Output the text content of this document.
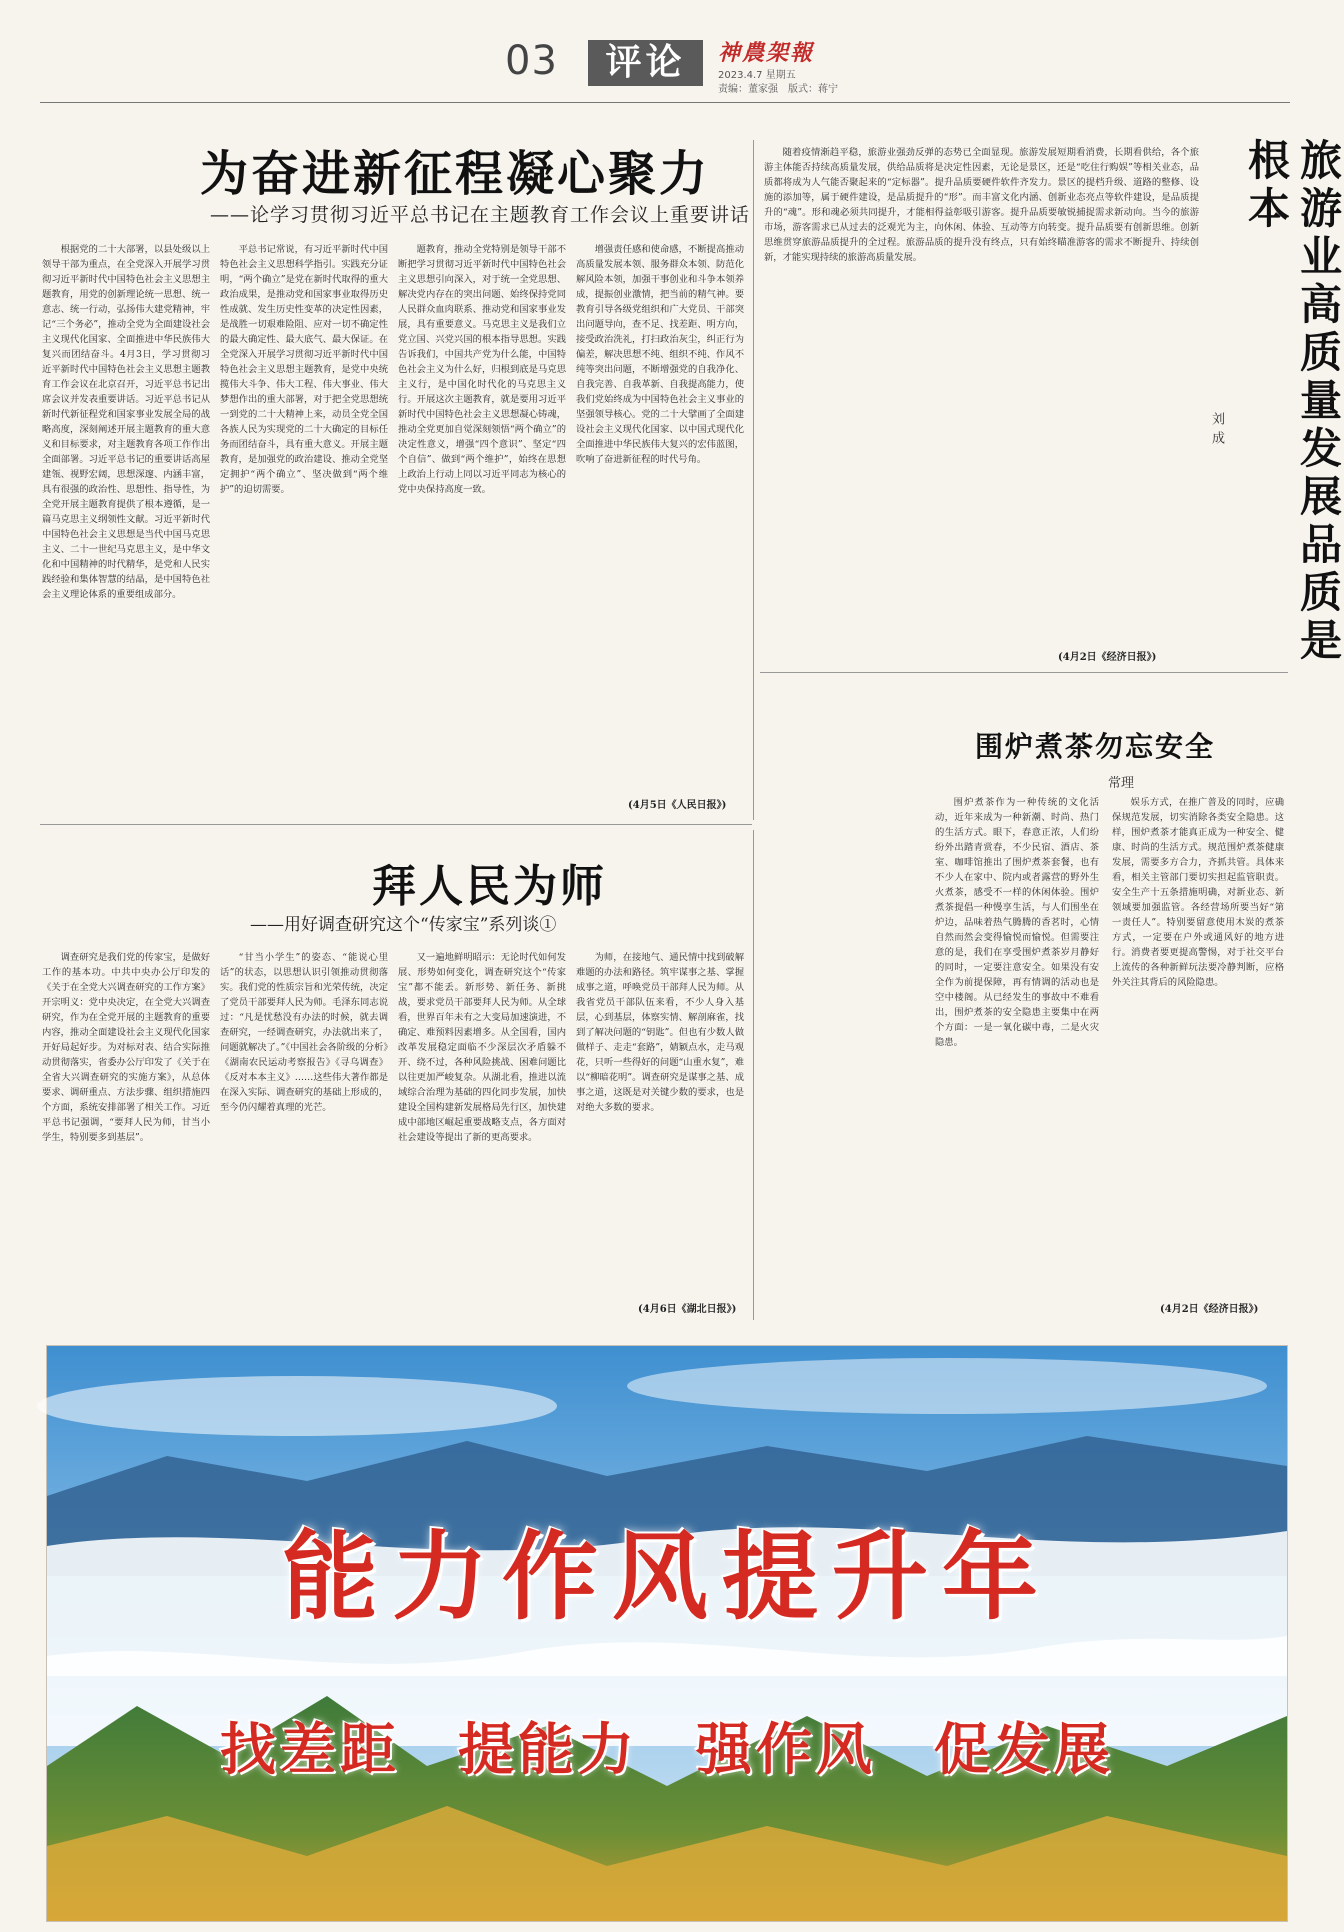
03	评论	神農架報
2023.4.7 星期五
责编：董家强　版式：蒋宁
为奋进新征程凝心聚力
——论学习贯彻习近平总书记在主题教育工作会议上重要讲话

根据党的二十大部署，以县处级以上领导干部为重点，在全党深入开展学习贯彻习近平新时代中国特色社会主义思想主题教育，用党的创新理论统一思想、统一意志、统一行动，弘扬伟大建党精神，牢记“三个务必”，推动全党为全面建设社会主义现代化国家、全面推进中华民族伟大复兴而团结奋斗。4月3日，学习贯彻习近平新时代中国特色社会主义思想主题教育工作会议在北京召开，习近平总书记出席会议并发表重要讲话。习近平总书记从新时代新征程党和国家事业发展全局的战略高度，深刻阐述开展主题教育的重大意义和目标要求，对主题教育各项工作作出全面部署。习近平总书记的重要讲话高屋建瓴、视野宏阔，思想深邃、内涵丰富，具有很强的政治性、思想性、指导性，为全党开展主题教育提供了根本遵循，是一篇马克思主义纲领性文献。习近平新时代中国特色社会主义思想是当代中国马克思主义、二十一世纪马克思主义，是中华文化和中国精神的时代精华，是党和人民实践经验和集体智慧的结晶，是中国特色社会主义理论体系的重要组成部分。

平总书记常说，有习近平新时代中国特色社会主义思想科学指引。实践充分证明，“两个确立”是党在新时代取得的重大政治成果，是推动党和国家事业取得历史性成就、发生历史性变革的决定性因素，是战胜一切艰难险阻、应对一切不确定性的最大确定性、最大底气、最大保证。在全党深入开展学习贯彻习近平新时代中国特色社会主义思想主题教育，是党中央统揽伟大斗争、伟大工程、伟大事业、伟大梦想作出的重大部署，对于把全党思想统一到党的二十大精神上来，动员全党全国各族人民为实现党的二十大确定的目标任务而团结奋斗，具有重大意义。开展主题教育，是加强党的政治建设、推动全党坚定拥护“两个确立”、坚决做到“两个维护”的迫切需要。

题教育，推动全党特别是领导干部不断把学习贯彻习近平新时代中国特色社会主义思想引向深入，对于统一全党思想、解决党内存在的突出问题、始终保持党同人民群众血肉联系、推动党和国家事业发展，具有重要意义。马克思主义是我们立党立国、兴党兴国的根本指导思想。实践告诉我们，中国共产党为什么能，中国特色社会主义为什么好，归根到底是马克思主义行，是中国化时代化的马克思主义行。开展这次主题教育，就是要用习近平新时代中国特色社会主义思想凝心铸魂，推动全党更加自觉深刻领悟“两个确立”的决定性意义，增强“四个意识”、坚定“四个自信”、做到“两个维护”，始终在思想上政治上行动上同以习近平同志为核心的党中央保持高度一致。

增强责任感和使命感，不断提高推动高质量发展本领、服务群众本领、防范化解风险本领，加强干事创业和斗争本领养成，提振创业激情，把当前的精气神。要教育引导各级党组织和广大党员、干部突出问题导向，查不足、找差距、明方向，接受政治洗礼，打扫政治灰尘，纠正行为偏差，解决思想不纯、组织不纯、作风不纯等突出问题，不断增强党的自我净化、自我完善、自我革新、自我提高能力，使我们党始终成为中国特色社会主义事业的坚强领导核心。党的二十大擘画了全面建设社会主义现代化国家、以中国式现代化全面推进中华民族伟大复兴的宏伟蓝图，吹响了奋进新征程的时代号角。

(4月5日《人民日报》)
拜人民为师
——用好调查研究这个“传家宝”系列谈①

调查研究是我们党的传家宝，是做好工作的基本功。中共中央办公厅印发的《关于在全党大兴调查研究的工作方案》开宗明义：党中央决定，在全党大兴调查研究，作为在全党开展的主题教育的重要内容，推动全面建设社会主义现代化国家开好局起好步。为对标对表、结合实际推动贯彻落实，省委办公厅印发了《关于在全省大兴调查研究的实施方案》，从总体要求、调研重点、方法步骤、组织措施四个方面，系统安排部署了相关工作。习近平总书记强调，“要拜人民为师，甘当小学生，特别要多到基层”。

“甘当小学生”的姿态、“能说心里话”的状态，以思想认识引领推动贯彻落实。我们党的性质宗旨和光荣传统，决定了党员干部要拜人民为师。毛泽东同志说过：“凡是忧愁没有办法的时候，就去调查研究，一经调查研究，办法就出来了，问题就解决了。”《中国社会各阶级的分析》《湖南农民运动考察报告》《寻乌调查》《反对本本主义》……这些伟大著作都是在深入实际、调查研究的基础上形成的，至今仍闪耀着真理的光芒。

又一遍地鲜明昭示：无论时代如何发展、形势如何变化，调查研究这个“传家宝”都不能丢。新形势、新任务、新挑战，要求党员干部要拜人民为师。从全球看，世界百年未有之大变局加速演进，不确定、难预料因素增多。从全国看，国内改革发展稳定面临不少深层次矛盾躲不开、绕不过，各种风险挑战、困难问题比以往更加严峻复杂。从湖北看，推进以流域综合治理为基础的四化同步发展，加快建设全国构建新发展格局先行区，加快建成中部地区崛起重要战略支点，各方面对社会建设等提出了新的更高要求。

为师，在接地气、通民情中找到破解难题的办法和路径。筑牢谋事之基、掌握成事之道，呼唤党员干部拜人民为师。从我省党员干部队伍来看，不少人身入基层，心到基层，体察实情、解剖麻雀，找到了解决问题的“钥匙”。但也有少数人做做样子、走走“套路”，婧颖点水，走马观花，只听一些得好的问题“山重水复”，难以“柳暗花明”。调查研究是谋事之基、成事之道，这既是对关键少数的要求，也是对绝大多数的要求。

(4月6日《湖北日报》)

随着疫情渐趋平稳，旅游业强劲反弹的态势已全面显现。旅游发展短期看消费，长期看供给，各个旅游主体能否持续高质量发展，供给品质将是决定性因素，无论是景区，还是“吃住行购娱”等相关业态，品质都将成为人气能否聚起来的“定标器”。提升品质要硬件软件齐发力。景区的提档升级、道路的整修、设施的添加等，属于硬件建设，是品质提升的“形”。而丰富文化内涵、创新业态亮点等软件建设，是品质提升的“魂”。形和魂必须共同提升，才能相得益彰吸引游客。提升品质要敏锐捕捉需求新动向。当今的旅游市场，游客需求已从过去的泛观光为主，向休闲、体验、互动等方向转变。提升品质要有创新思维。创新思维贯穿旅游品质提升的全过程。旅游品质的提升没有终点，只有始终瞄准游客的需求不断提升、持续创新，才能实现持续的旅游高质量发展。

(4月2日《经济日报》)
刘成	旅游业高质量发展品质是根本
围炉煮茶勿忘安全
常理

围炉煮茶作为一种传统的文化活动，近年来成为一种新潮、时尚、热门的生活方式。眼下，春意正浓，人们纷纷外出踏青赏春，不少民宿、酒店、茶室、咖啡馆推出了围炉煮茶套餐，也有不少人在家中、院内或者露营的野外生火煮茶，感受不一样的休闲体验。围炉煮茶提倡一种慢享生活，与人们围坐在炉边，品味着热气腾腾的香茗时，心情自然而然会变得愉悦而愉悦。但需要注意的是，我们在享受围炉煮茶岁月静好的同时，一定要注意安全。如果没有安全作为前提保障，再有情调的活动也是空中楼阁。从已经发生的事故中不难看出，围炉煮茶的安全隐患主要集中在两个方面：一是一氧化碳中毒，二是火灾隐患。

娱乐方式，在推广普及的同时，应确保规范发展，切实消除各类安全隐患。这样，围炉煮茶才能真正成为一种安全、健康、时尚的生活方式。规范围炉煮茶健康发展，需要多方合力，齐抓共管。具体来看，相关主管部门要切实担起监管职责。安全生产十五条措施明确，对新业态、新领域要加强监管。各经营场所要当好“第一责任人”。特别要留意使用木炭的煮茶方式，一定要在户外或通风好的地方进行。消费者要更提高警惕，对于社交平台上流传的各种新鲜玩法要冷静判断，应格外关注其背后的风险隐患。

(4月2日《经济日报》)
能力作风提升年
找差距 提能力 强作风 促发展
